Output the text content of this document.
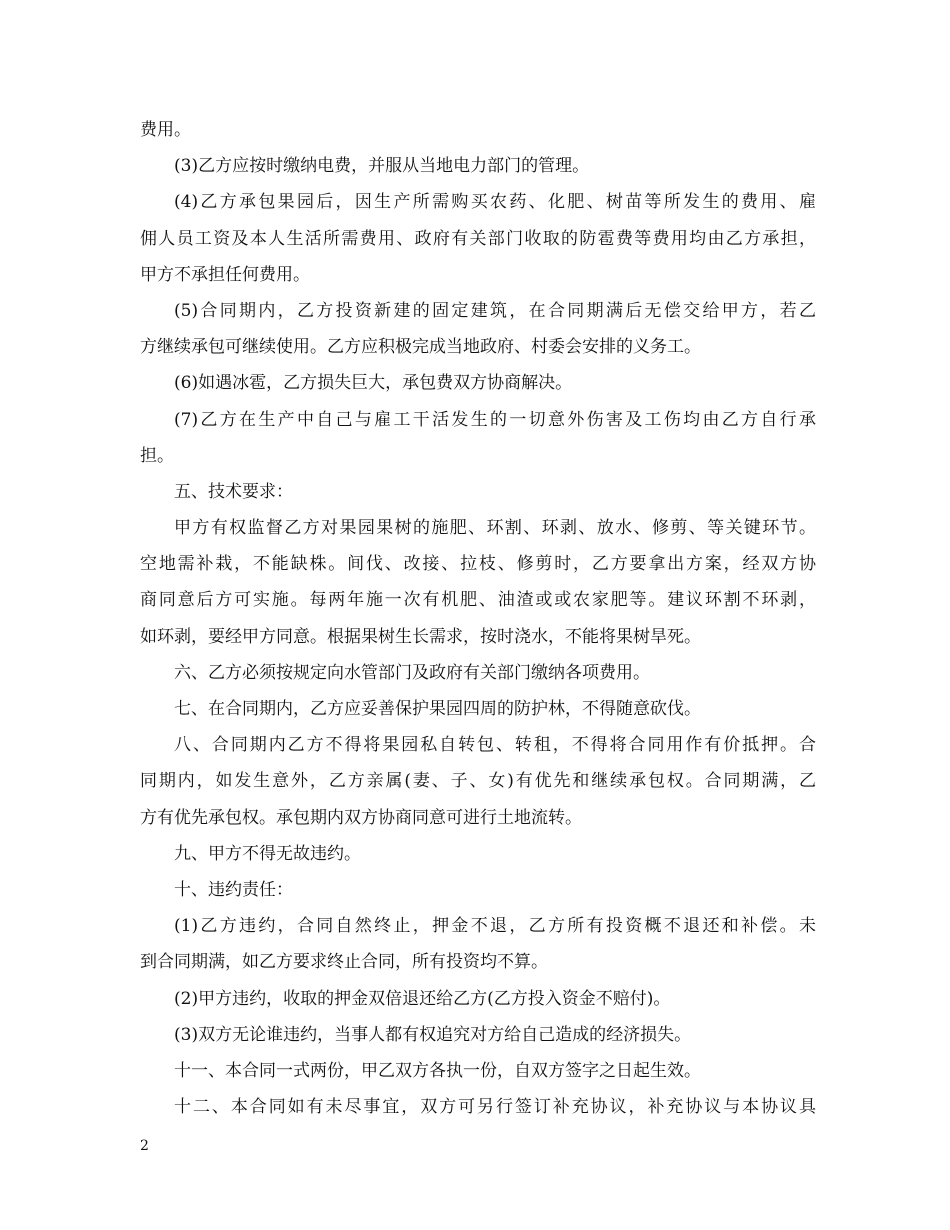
费用。
(3)乙方应按时缴纳电费，并服从当地电力部门的管理。
(4)乙方承包果园后，因生产所需购买农药、化肥、树苗等所发生的费用、雇
佣人员工资及本人生活所需费用、政府有关部门收取的防雹费等费用均由乙方承担，
甲方不承担任何费用。
(5)合同期内，乙方投资新建的固定建筑，在合同期满后无偿交给甲方，若乙
方继续承包可继续使用。乙方应积极完成当地政府、村委会安排的义务工。
(6)如遇冰雹，乙方损失巨大，承包费双方协商解决。
(7)乙方在生产中自己与雇工干活发生的一切意外伤害及工伤均由乙方自行承
担。
五、技术要求：
甲方有权监督乙方对果园果树的施肥、环割、环剥、放水、修剪、等关键环节。
空地需补栽，不能缺株。间伐、改接、拉枝、修剪时，乙方要拿出方案，经双方协
商同意后方可实施。每两年施一次有机肥、油渣或或农家肥等。建议环割不环剥，
如环剥，要经甲方同意。根据果树生长需求，按时浇水，不能将果树旱死。
六、乙方必须按规定向水管部门及政府有关部门缴纳各项费用。
七、在合同期内，乙方应妥善保护果园四周的防护林，不得随意砍伐。
八、合同期内乙方不得将果园私自转包、转租，不得将合同用作有价抵押。合
同期内，如发生意外，乙方亲属(妻、子、女)有优先和继续承包权。合同期满，乙
方有优先承包权。承包期内双方协商同意可进行土地流转。
九、甲方不得无故违约。
十、违约责任：
(1)乙方违约，合同自然终止，押金不退，乙方所有投资概不退还和补偿。未
到合同期满，如乙方要求终止合同，所有投资均不算。
(2)甲方违约，收取的押金双倍退还给乙方(乙方投入资金不赔付)。
(3)双方无论谁违约，当事人都有权追究对方给自己造成的经济损失。
十一、本合同一式两份，甲乙双方各执一份，自双方签字之日起生效。
十二、本合同如有未尽事宜，双方可另行签订补充协议，补充协议与本协议具
2
